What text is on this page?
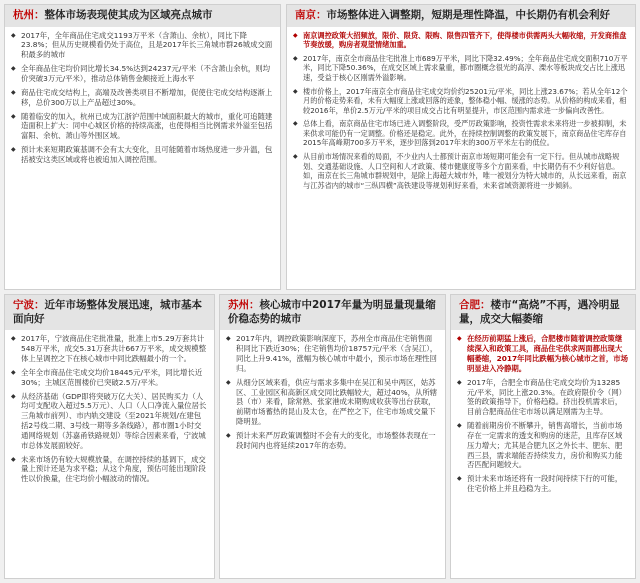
杭州：整体市场表现使其成为区域亮点城市
◆ 2017年，全年商品住宅成交1193万平米（含萧山、余杭），同比下降23.8%；但从历史规模看仍处于高位，且是2017年长三角城市群26城成交面积最多的城市
◆ 全年商品住宅均价同比增长34.5%达到24237元/平米（不含萧山余杭，则均价突破3万元/平米），推动总体销售金额接近上海水平
◆ 商品住宅成交结构上，高端及改善类项目不断增加，促使住宅成交结构逐渐上移，总价300万以上产品超过30%。
◆ 随着临安的加入，杭州已成为江浙沪范围中域面积最大的城市，重化可追随建造面积上扩大：同中心城区价格的持续高涨，也使得相当比例需求外溢至包括富阳、余杭、萧山等外围区域。
◆ 预计未来短期政策基调不会有太大变化，且可能随着市场热度进一步升温，包括被安这类区域或将也被追加入调控范围。
南京：市场整体进入调整期，短期是理性降温，中长期仍有机会利好
◆ 南京调控政策大招频放，限价、限贷、限购、限售四管齐下，使得楼市供需两头大幅收缩，开发商推盘节奏放缓，购房者观望情绪加重。
◆ 2017年，南京全市商品住宅批准上市689万平米，同比下降32.49%；全年商品住宅成交面积710万平米，同比下降50.36%，在成交区域上需求量重，都市圈概念很光的高淳、溧水等板块成交占比上涨迅速，受益于核心区刚需外溢影响。
◆ 楼市价格上，2017年南京全市商品住宅成交均价约25201元/平米，同比上涨23.67%；若从全年12个月的价格走势来看，未有大幅度上涨或回落的迹象，整体稳小幅、缓涨的态势。从价格的构成来看，相较2016年，单价2.5万元/平米的项目成交占比有明显提升，市区范围内需求进一步偏向改善性。
◆ 总体上看，南京商品住宅市场已进入调整阶段，受严厉政策影响，投资性需求未来将进一步被抑制，未来供求可能仍有一定调整。价格还是稳定。此外，在持续控制调整的政策发展下，南京商品住宅库存自2015年高峰期700多万平米，逐步回落到2017年末的300万平米左右的低位。
◆ 从目前市场情况来看的局面，不少业内人士都预计南京市场短期可能会有一定下行。但从城市战略规划、交通基础设施、人口空间和人才政策、楼市健康度等多个方面来看，中长期仍有不少利好信息。如，南京在长三角城市群规划中，是除上海超大城市外，唯一被划分为特大城市的，从长远来看，南京与江苏省内的城市“三纵四横”高铁建设等规划利好来看，未来省域资源将进一步倾斜。
宁波：近年市场整体发展迅速，城市基本面向好
◆ 2017年，宁波商品住宅批准量，批准上市5.29万套共计548万平米，成交5.31万套共计667万平米，成交规模整体上呈调控之下在核心城市中同比跌幅最小的一个。
◆ 全年全市商品住宅成交均价18445元/平米，同比增长近30%；主城区范围楼价已突破2.5万/平米。
◆ 从经济基础（GDP即将突破万亿大关）、居民购买力（人均可支配收入超过5.5万元）、人口（人口净流入量位居长三角城市前列）、市内轨交建设（至2021年规划/在建包括2号线二期、3号线一期等多条线路），都市圈1小时交通网络规划（苏嘉甬铁路规划）等综合因素来看，宁波城市总体发展面较好。
◆ 未来市场仍有较大规模放量，在调控持续的基调下，成交量上预计还是为求平稳；从这个角度，预估可能出现阶段性以价换量，住宅均价小幅波动的情况。
苏州：核心城市中2017年量为明显量现量缩价稳态势的城市
◆ 2017年内，调控政策影响深度下，苏州全市商品住宅销售面积同比下跌近30%；住宅销售均价18757元/平米（含吴江），同比上升9.41%，涨幅为核心城市中最小，预示市场在理性回归。
◆ 从细分区域来看，供应与需求多集中在吴江和吴中两区，姑苏区、工业园区和高新区成交同比跌幅较大，超过40%，从所辖县（市）来看，除常熟、张家港成未期购成收获等出台获取，前期市场蓄热的昆山及太仓，在严控之下，住宅市场成交量下降明显。
◆ 预计未来严厉政策调整时不会有大的变化，市场整体表现在一段时间内也将延续2017年的态势。
合肥：楼市“高烧”不再，遇冷明显量，成交大幅萎缩
◆ 在经历前期猛上涨后，合肥楼市随着调控政策继续深入和政策工具，商品住宅供求两面都出现大幅萎缩，2017年同比跌幅为核心城市之首，市场明显进入冷静期。
◆ 2017年，合肥全市商品住宅成交均价为13285元/平米，同比上涨20.3%。在政府限价令（网）签的政策指导下，价格趋稳。挤出投机需求后，目前合肥商品住宅市场以满足刚需为主导。
◆ 随着前期房价不断攀升，销售高增长，当前市场存在一定需求的透支和购房的迷茫，且库存区域压力增大；尤其是合肥九区之外长丰、肥东、肥西三县，需求端能否持续发力，房价和购买力能否匹配问题较大。
◆ 预计未来市场还将有一段时间持续下行的可能，住宅价格上并且趋稳为主。
